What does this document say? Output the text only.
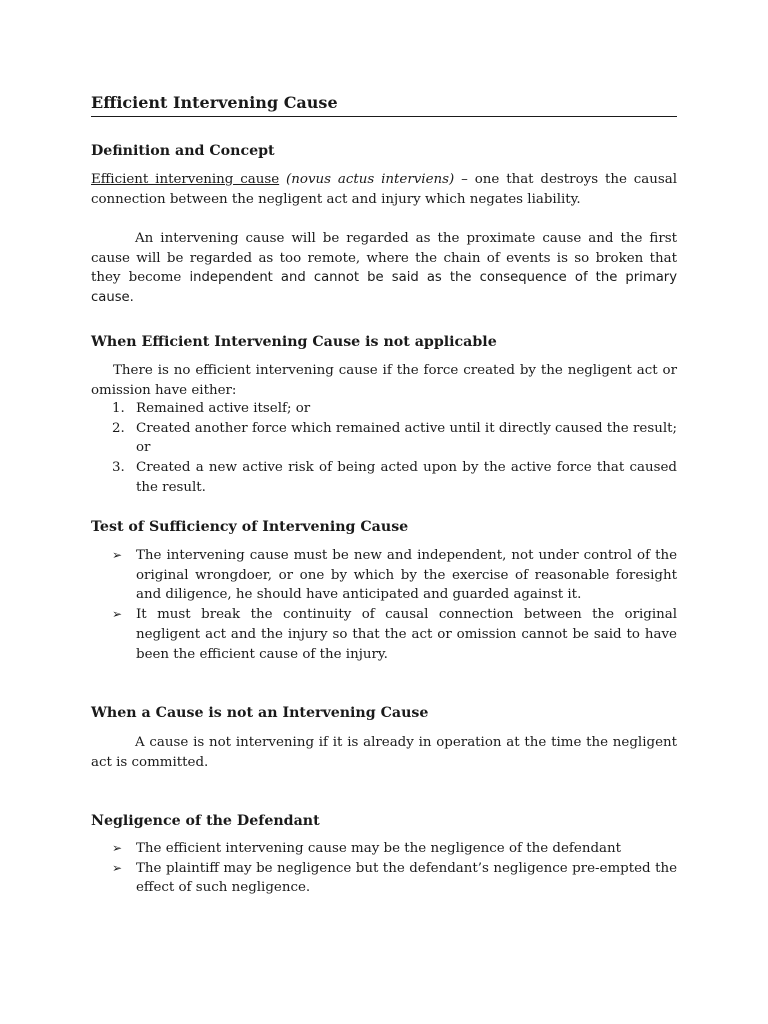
Efficient Intervening Cause
Definition and Concept

Efficient intervening cause (novus actus interviens) – one that destroys the causal connection between the negligent act and injury which negates liability.

An intervening cause will be regarded as the proximate cause and the first cause will be regarded as too remote, where the chain of events is so broken that they become independent and cannot be said as the consequence of the primary cause.

When Efficient Intervening Cause is not applicable

There is no efficient intervening cause if the force created by the negligent act or omission have either:

1. Remained active itself; or
2. Created another force which remained active until it directly caused the result; or
3. Created a new active risk of being acted upon by the active force that caused the result.
Test of Sufficiency of Intervening Cause
➢ The intervening cause must be new and independent, not under control of the original wrongdoer, or one by which by the exercise of reasonable foresight and diligence, he should have anticipated and guarded against it.
➢ It must break the continuity of causal connection between the original negligent act and the injury so that the act or omission cannot be said to have been the efficient cause of the injury.
When a Cause is not an Intervening Cause

A cause is not intervening if it is already in operation at the time the negligent act is committed.

Negligence of the Defendant
➢ The efficient intervening cause may be the negligence of the defendant
➢ The plaintiff may be negligence but the defendant’s negligence pre-empted the effect of such negligence.
